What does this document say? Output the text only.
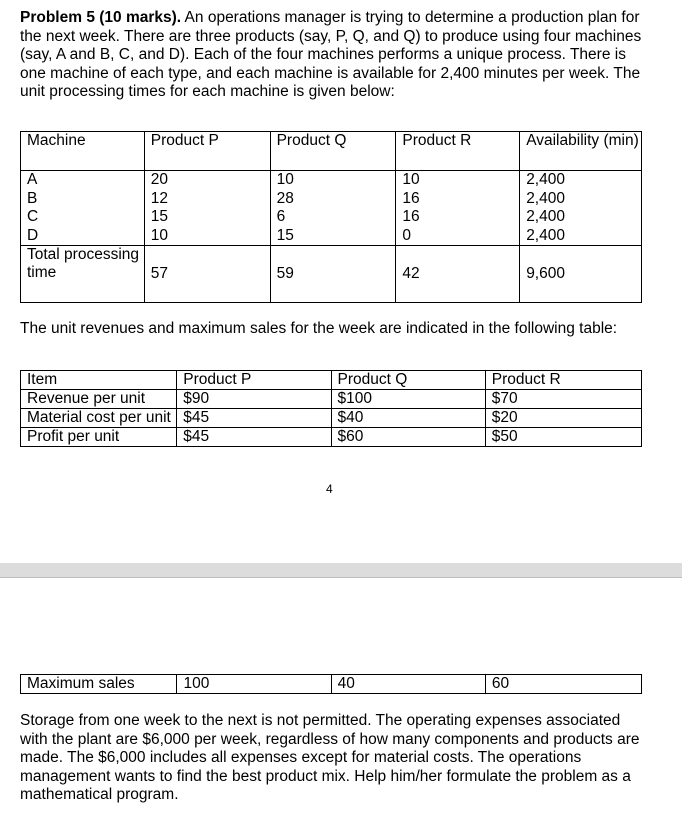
Problem 5 (10 marks). An operations manager is trying to determine a production plan for the next week. There are three products (say, P, Q, and Q) to produce using four machines (say, A and B, C, and D). Each of the four machines performs a unique process. There is one machine of each type, and each machine is available for 2,400 minutes per week. The unit processing times for each machine is given below:

Machine	Product P	Product Q	Product R	Availability (min)
A	20	10	10	2,400
B	12	28	16	2,400
C	15	6	16	2,400
D	10	15	0	2,400
Total processing time	57	59	42	9,600

The unit revenues and maximum sales for the week are indicated in the following table:

Item	Product P	Product Q	Product R
Revenue per unit	$90	$100	$70
Material cost per unit	$45	$40	$20
Profit per unit	$45	$60	$50
4
Maximum sales	100	40	60

Storage from one week to the next is not permitted. The operating expenses associated with the plant are $6,000 per week, regardless of how many components and products are made. The $6,000 includes all expenses except for material costs. The operations management wants to find the best product mix. Help him/her formulate the problem as a mathematical program.
